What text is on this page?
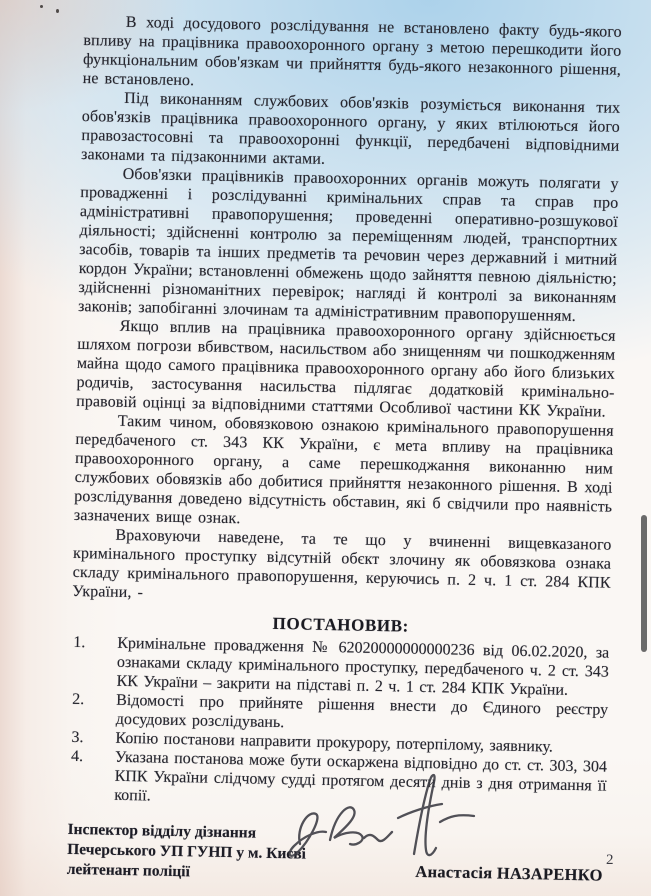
В ході досудового розслідування не встановлено факту будь-якого впливу на працівника правоохоронного органу з метою перешкодити його функціональним обов'язкам чи прийняття будь-якого незаконного рішення, не встановлено.

Під виконанням службових обов'язків розуміється виконання тих обов'язків працівника правоохоронного органу, у яких втілюються його правозастосовні та правоохоронні функції, передбачені відповідними законами та підзаконними актами.

Обов'язки працівників правоохоронних органів можуть полягати у провадженні і розслідуванні кримінальних справ та справ про адміністративні правопорушення; проведенні оперативно-розшукової діяльності; здійсненні контролю за переміщенням людей, транспортних засобів, товарів та інших предметів та речовин через державний і митний кордон України; встановленні обмежень щодо зайняття певною діяльністю; здійсненні різноманітних перевірок; нагляді й контролі за виконанням законів; запобіганні злочинам та адміністративним правопорушенням.

Якщо вплив на працівника правоохоронного органу здійснюється шляхом погрози вбивством, насильством або знищенням чи пошкодженням майна щодо самого працівника правоохоронного органу або його близьких родичів, застосування насильства підлягає додатковій кримінально-правовій оцінці за відповідними статтями Особливої частини КК України.

Таким чином, обовязковою ознакою кримінального правопорушення передбаченого ст. 343 КК України, є мета впливу на працівника правоохоронного органу, а саме перешкоджання виконанню ним службових обовязків або добитися прийняття незаконного рішення. В ході розслідування доведено відсутність обставин, які б свідчили про наявність зазначених вище ознак.

Враховуючи наведене, та те що у вчиненні вищевказаного кримінального проступку відсутній обєкт злочину як обовязкова ознака складу кримінального правопорушення, керуючись п. 2 ч. 1 ст. 284 КПК України, -

ПОСТАНОВИВ:
1.	Кримінальне провадження № 62020000000000236 від 06.02.2020, за ознаками складу кримінального проступку, передбаченого ч. 2 ст. 343 КК України – закрити на підставі п. 2 ч. 1 ст. 284 КПК України.
2.	Відомості про прийняте рішення внести до Єдиного реєстру досудових розслідувань.
3.	Копію постанови направити прокурору, потерпілому, заявнику.
4.	Указана постанова може бути оскаржена відповідно до ст. ст. 303, 304 КПК України слідчому судді протягом десяти днів з дня отримання її копії.
Інспектор відділу дізнання
Печерського УП ГУНП у м. Кисві
лейтенант поліції	Анастасія НАЗАРЕНКО
2
